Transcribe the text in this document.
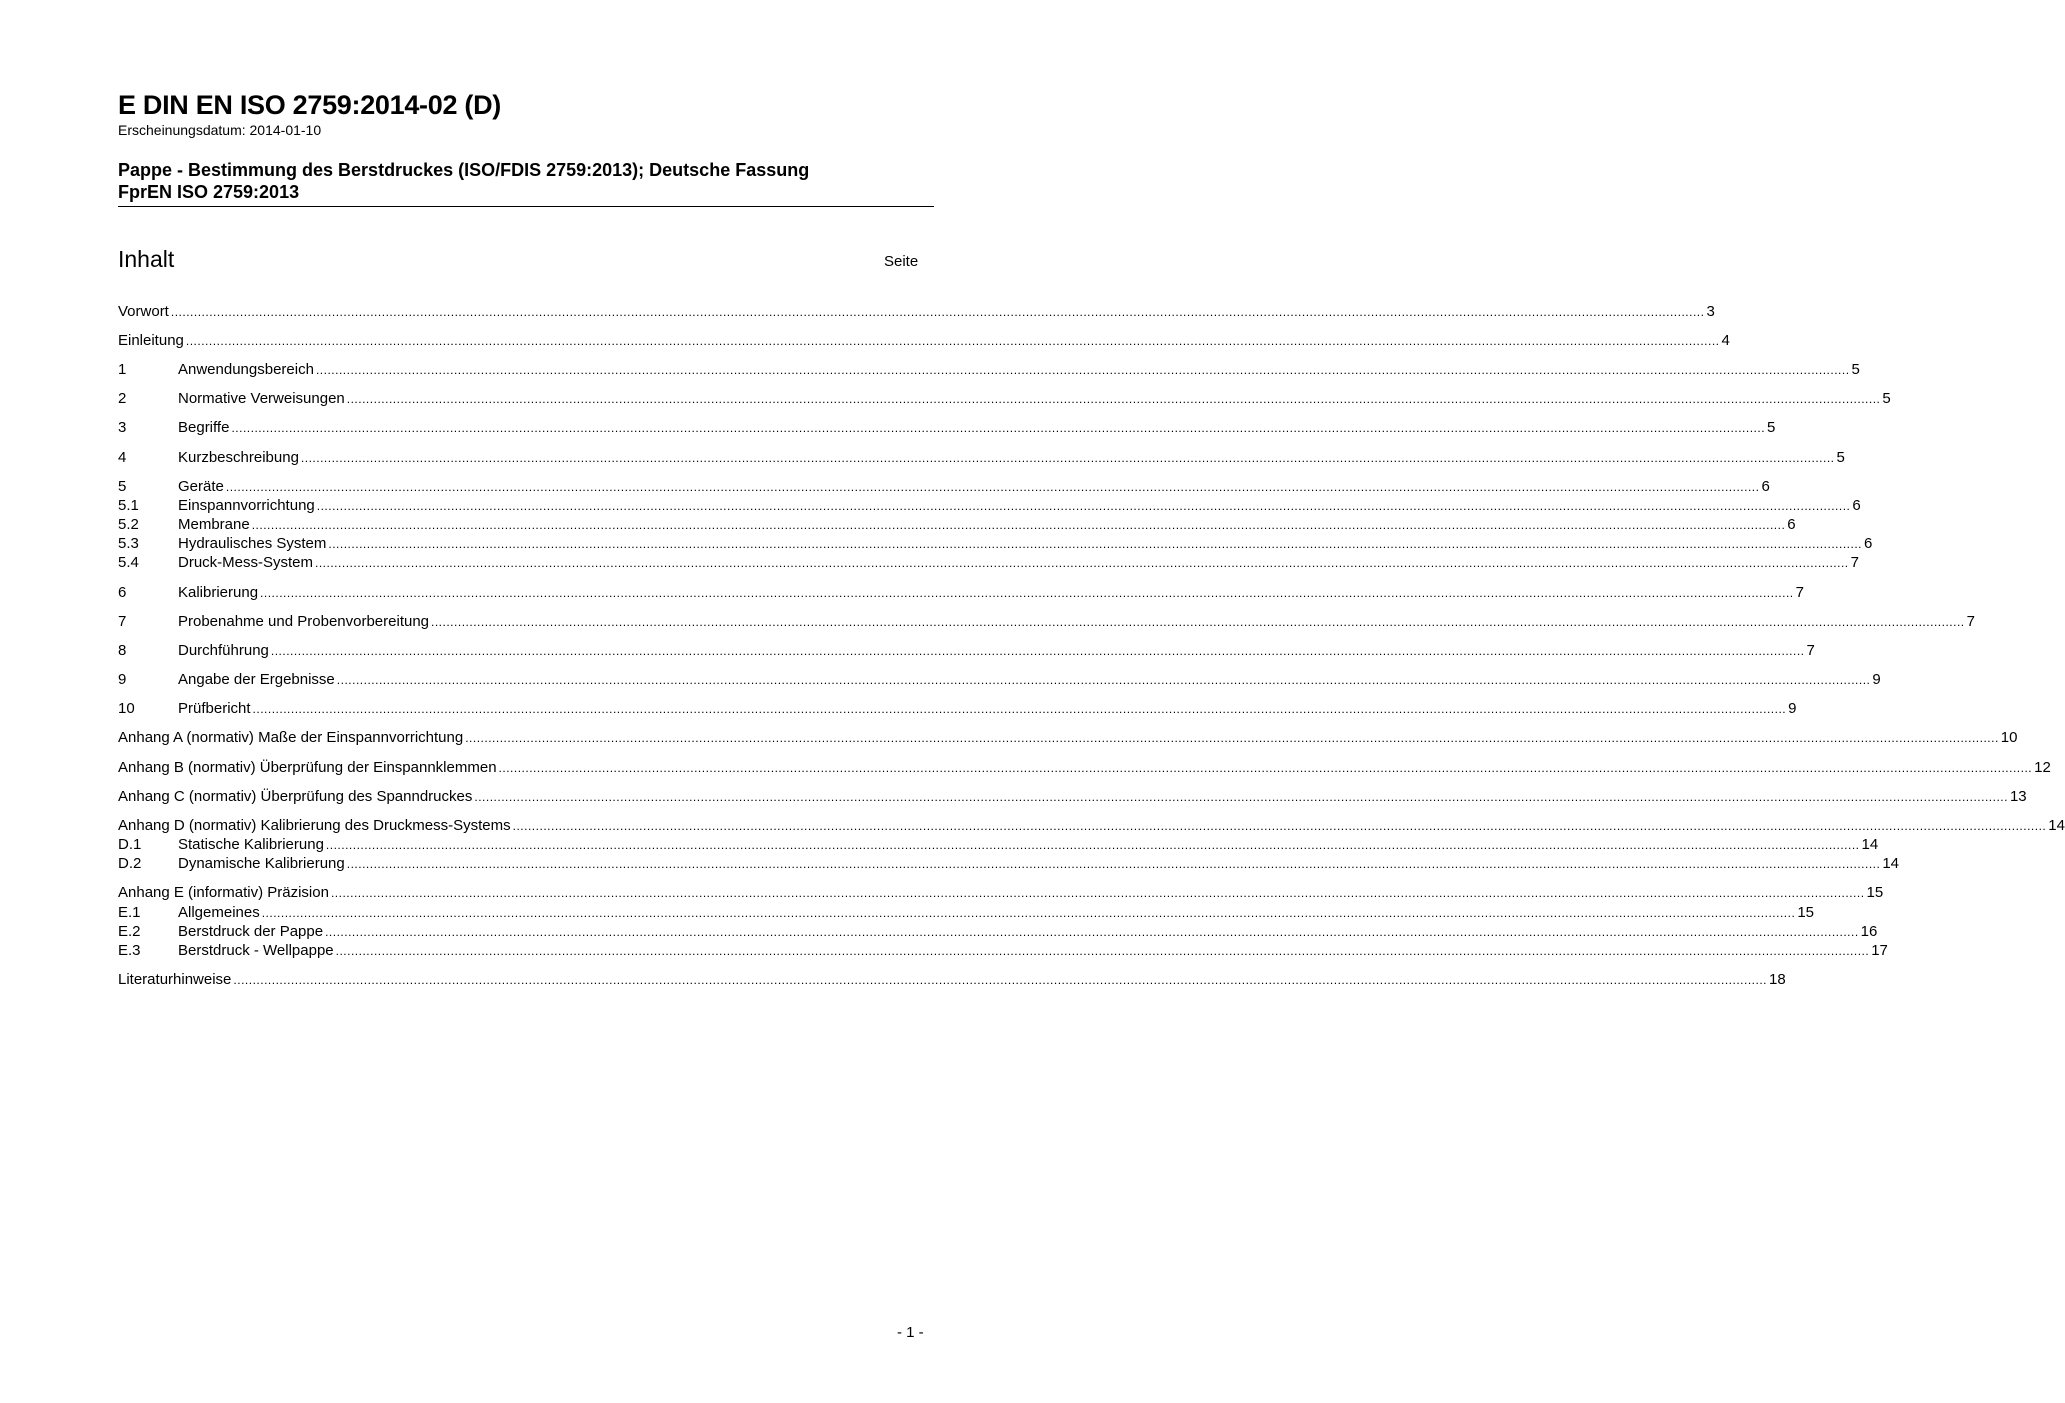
E DIN EN ISO 2759:2014-02 (D)
Erscheinungsdatum: 2014-01-10
Pappe - Bestimmung des Berstdruckes (ISO/FDIS 2759:2013); Deutsche Fassung
FprEN ISO 2759:2013
Inhalt	Seite
Vorwort ................................................................................................................................................................................................................................................................................................................................................................................................................ 3
Einleitung ................................................................................................................................................................................................................................................................................................................................................................................................................ 4
1	Anwendungsbereich ................................................................................................................................................................................................................................................................................................................................................................................................................ 5
2	Normative Verweisungen ................................................................................................................................................................................................................................................................................................................................................................................................................ 5
3	Begriffe ................................................................................................................................................................................................................................................................................................................................................................................................................ 5
4	Kurzbeschreibung ................................................................................................................................................................................................................................................................................................................................................................................................................ 5
5	Geräte ................................................................................................................................................................................................................................................................................................................................................................................................................ 6
5.1	Einspannvorrichtung ................................................................................................................................................................................................................................................................................................................................................................................................................ 6
5.2	Membrane ................................................................................................................................................................................................................................................................................................................................................................................................................ 6
5.3	Hydraulisches System ................................................................................................................................................................................................................................................................................................................................................................................................................ 6
5.4	Druck-Mess-System ................................................................................................................................................................................................................................................................................................................................................................................................................ 7
6	Kalibrierung ................................................................................................................................................................................................................................................................................................................................................................................................................ 7
7	Probenahme und Probenvorbereitung ................................................................................................................................................................................................................................................................................................................................................................................................................ 7
8	Durchführung ................................................................................................................................................................................................................................................................................................................................................................................................................ 7
9	Angabe der Ergebnisse ................................................................................................................................................................................................................................................................................................................................................................................................................ 9
10	Prüfbericht ................................................................................................................................................................................................................................................................................................................................................................................................................ 9
Anhang A (normativ) Maße der Einspannvorrichtung ................................................................................................................................................................................................................................................................................................................................................................................................................ 10
Anhang B (normativ) Überprüfung der Einspannklemmen ................................................................................................................................................................................................................................................................................................................................................................................................................ 12
Anhang C (normativ) Überprüfung des Spanndruckes ................................................................................................................................................................................................................................................................................................................................................................................................................ 13
Anhang D (normativ) Kalibrierung des Druckmess-Systems ................................................................................................................................................................................................................................................................................................................................................................................................................ 14
D.1	Statische Kalibrierung ................................................................................................................................................................................................................................................................................................................................................................................................................ 14
D.2	Dynamische Kalibrierung ................................................................................................................................................................................................................................................................................................................................................................................................................ 14
Anhang E (informativ) Präzision ................................................................................................................................................................................................................................................................................................................................................................................................................ 15
E.1	Allgemeines ................................................................................................................................................................................................................................................................................................................................................................................................................ 15
E.2	Berstdruck der Pappe ................................................................................................................................................................................................................................................................................................................................................................................................................ 16
E.3	Berstdruck - Wellpappe ................................................................................................................................................................................................................................................................................................................................................................................................................ 17
Literaturhinweise ................................................................................................................................................................................................................................................................................................................................................................................................................ 18
- 1 -
